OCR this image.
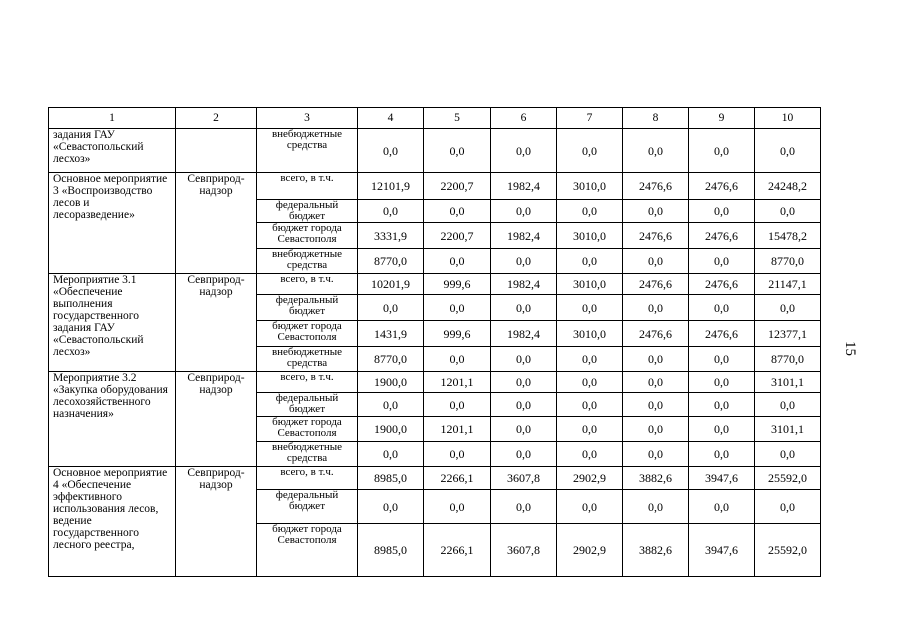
1	2	3	4	5	6	7	8	9	10
задания ГАУ «Севастопольский лесхоз»		внебюджетные средства	0,0	0,0	0,0	0,0	0,0	0,0	0,0
Основное мероприятие 3 «Воспроизводство лесов и лесоразведение»	Севприрод-надзор	всего, в т.ч.	12101,9	2200,7	1982,4	3010,0	2476,6	2476,6	24248,2
		федеральный бюджет	0,0	0,0	0,0	0,0	0,0	0,0	0,0
		бюджет города Севастополя	3331,9	2200,7	1982,4	3010,0	2476,6	2476,6	15478,2
		внебюджетные средства	8770,0	0,0	0,0	0,0	0,0	0,0	8770,0
Мероприятие 3.1 «Обеспечение выполнения государственного задания ГАУ «Севастопольский лесхоз»	Севприрод-надзор	всего, в т.ч.	10201,9	999,6	1982,4	3010,0	2476,6	2476,6	21147,1
		федеральный бюджет	0,0	0,0	0,0	0,0	0,0	0,0	0,0
		бюджет города Севастополя	1431,9	999,6	1982,4	3010,0	2476,6	2476,6	12377,1
		внебюджетные средства	8770,0	0,0	0,0	0,0	0,0	0,0	8770,0
Мероприятие 3.2 «Закупка оборудования лесохозяйственного назначения»	Севприрод-надзор	всего, в т.ч.	1900,0	1201,1	0,0	0,0	0,0	0,0	3101,1
		федеральный бюджет	0,0	0,0	0,0	0,0	0,0	0,0	0,0
		бюджет города Севастополя	1900,0	1201,1	0,0	0,0	0,0	0,0	3101,1
		внебюджетные средства	0,0	0,0	0,0	0,0	0,0	0,0	0,0
Основное мероприятие 4 «Обеспечение эффективного использования лесов, ведение государственного лесного реестра,	Севприрод-надзор	всего, в т.ч.	8985,0	2266,1	3607,8	2902,9	3882,6	3947,6	25592,0
		федеральный бюджет	0,0	0,0	0,0	0,0	0,0	0,0	0,0
		бюджет города Севастополя	8985,0	2266,1	3607,8	2902,9	3882,6	3947,6	25592,0
15
